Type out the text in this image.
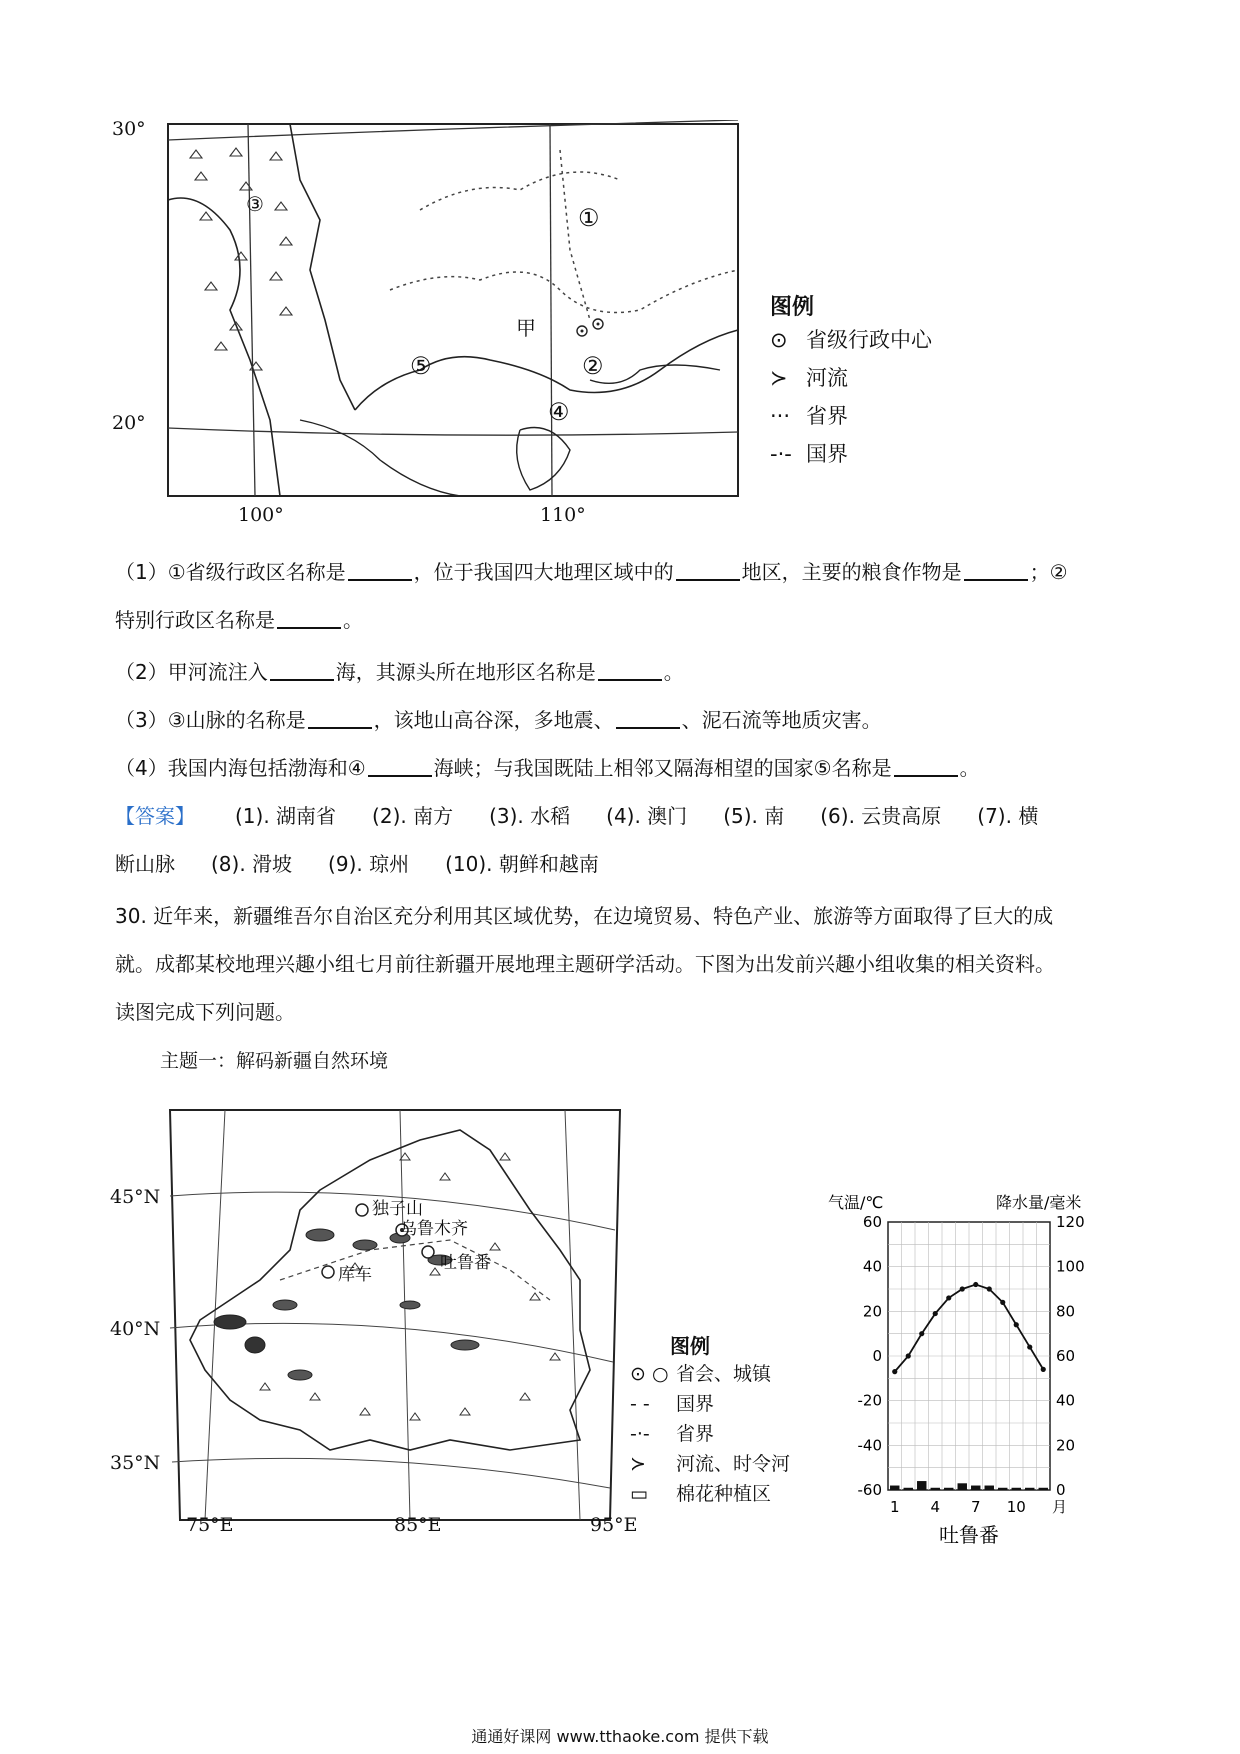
30°
20°
100°	110°
①
②
③
④
⑤
甲
图例
⊙ 省级行政中心
≻ 河流
··· 省界
-·- 国界
（1）①省级行政区名称是	，位于我国四大地理区域中的	地区，主要的粮食作物是	；②
特别行政区名称是	。
（2）甲河流注入	海，其源头所在地形区名称是	。
（3）③山脉的名称是	，该地山高谷深，多地震、	、泥石流等地质灾害。
（4）我国内海包括渤海和④	海峡；与我国既陆上相邻又隔海相望的国家⑤名称是	。
【答案】 (1). 湖南省 (2). 南方 (3). 水稻 (4). 澳门 (5). 南 (6). 云贵高原 (7). 横
断山脉 (8). 滑坡 (9). 琼州 (10). 朝鲜和越南
30. 近年来，新疆维吾尔自治区充分利用其区域优势，在边境贸易、特色产业、旅游等方面取得了巨大的成
就。成都某校地理兴趣小组七月前往新疆开展地理主题研学活动。下图为出发前兴趣小组收集的相关资料。
读图完成下列问题。
主题一：解码新疆自然环境
45°N
40°N
35°N
75°E	85°E	95°E
独子山
乌鲁木齐
库车
吐鲁番
图例
⊙ ○ 省会、城镇
- - 国界
-·- 省界
≻ 河流、时令河
▭ 棉花种植区
气温/℃	降水量/毫米
60
40
20
0
-20
-40
-60
120
100
80
60
40
20
0
1 4 7 10 月
吐鲁番
通通好课网 www.tthaoke.com 提供下载
